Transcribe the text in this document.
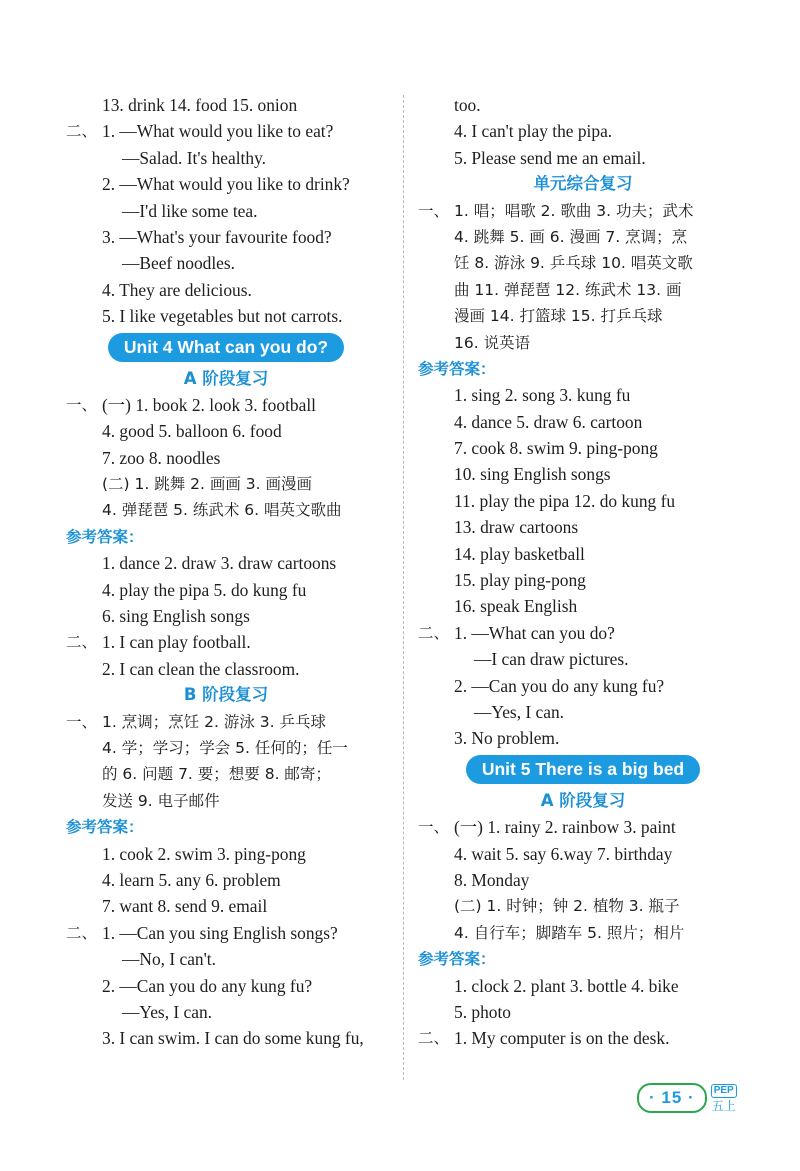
13. drink 14. food 15. onion
二、 1. —What would you like to eat?
—Salad. It's healthy.
2. —What would you like to drink?
—I'd like some tea.
3. —What's your favourite food?
—Beef noodles.
4. They are delicious.
5. I like vegetables but not carrots.
Unit 4 What can you do?
A 阶段复习
一、 (一) 1. book 2. look 3. football
4. good 5. balloon 6. food
7. zoo 8. noodles
(二) 1. 跳舞 2. 画画 3. 画漫画
4. 弹琵琶 5. 练武术 6. 唱英文歌曲
参考答案：
1. dance 2. draw 3. draw cartoons
4. play the pipa 5. do kung fu
6. sing English songs
二、 1. I can play football.
2. I can clean the classroom.
B 阶段复习
一、 1. 烹调；烹饪 2. 游泳 3. 乒乓球
4. 学；学习；学会 5. 任何的；任一
的 6. 问题 7. 要；想要 8. 邮寄；
发送 9. 电子邮件
参考答案：
1. cook 2. swim 3. ping-pong
4. learn 5. any 6. problem
7. want 8. send 9. email
二、 1. —Can you sing English songs?
—No, I can't.
2. —Can you do any kung fu?
—Yes, I can.
3. I can swim. I can do some kung fu,
too.
4. I can't play the pipa.
5. Please send me an email.
单元综合复习
一、 1. 唱；唱歌 2. 歌曲 3. 功夫；武术
4. 跳舞 5. 画 6. 漫画 7. 烹调；烹
饪 8. 游泳 9. 乒乓球 10. 唱英文歌
曲 11. 弹琵琶 12. 练武术 13. 画
漫画 14. 打篮球 15. 打乒乓球
16. 说英语
参考答案：
1. sing 2. song 3. kung fu
4. dance 5. draw 6. cartoon
7. cook 8. swim 9. ping-pong
10. sing English songs
11. play the pipa 12. do kung fu
13. draw cartoons
14. play basketball
15. play ping-pong
16. speak English
二、 1. —What can you do?
—I can draw pictures.
2. —Can you do any kung fu?
—Yes, I can.
3. No problem.
Unit 5 There is a big bed
A 阶段复习
一、 (一) 1. rainy 2. rainbow 3. paint
4. wait 5. say 6.way 7. birthday
8. Monday
(二) 1. 时钟；钟 2. 植物 3. 瓶子
4. 自行车；脚踏车 5. 照片；相片
参考答案：
1. clock 2. plant 3. bottle 4. bike
5. photo
二、 1. My computer is on the desk.
· 15 ·	PEP
五上
